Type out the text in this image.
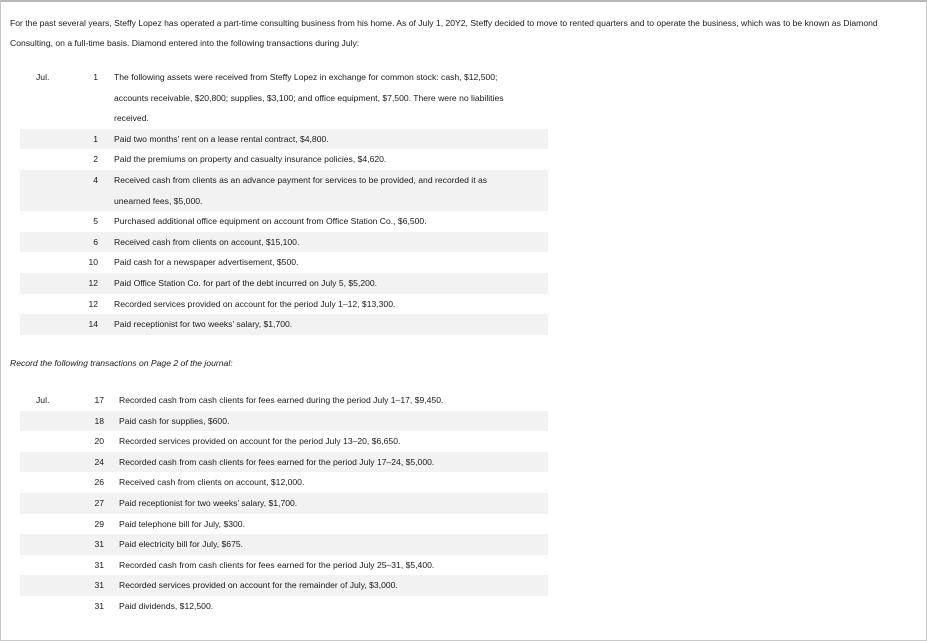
For the past several years, Steffy Lopez has operated a part-time consulting business from his home. As of July 1, 20Y2, Steffy decided to move to rented quarters and to operate the business, which was to be known as Diamond Consulting, on a full-time basis. Diamond entered into the following transactions during July:
Jul.	1	The following assets were received from Steffy Lopez in exchange for common stock: cash, $12,500;
		accounts receivable, $20,800; supplies, $3,100; and office equipment, $7,500. There were no liabilities
		received.
	1	Paid two months’ rent on a lease rental contract, $4,800.
	2	Paid the premiums on property and casualty insurance policies, $4,620.
	4	Received cash from clients as an advance payment for services to be provided, and recorded it as
		unearned fees, $5,000.
	5	Purchased additional office equipment on account from Office Station Co., $6,500.
	6	Received cash from clients on account, $15,100.
	10	Paid cash for a newspaper advertisement, $500.
	12	Paid Office Station Co. for part of the debt incurred on July 5, $5,200.
	12	Recorded services provided on account for the period July 1–12, $13,300.
	14	Paid receptionist for two weeks’ salary, $1,700.
Record the following transactions on Page 2 of the journal:
Jul.	17	Recorded cash from cash clients for fees earned during the period July 1–17, $9,450.
	18	Paid cash for supplies, $600.
	20	Recorded services provided on account for the period July 13–20, $6,650.
	24	Recorded cash from cash clients for fees earned for the period July 17–24, $5,000.
	26	Received cash from clients on account, $12,000.
	27	Paid receptionist for two weeks’ salary, $1,700.
	29	Paid telephone bill for July, $300.
	31	Paid electricity bill for July, $675.
	31	Recorded cash from cash clients for fees earned for the period July 25–31, $5,400.
	31	Recorded services provided on account for the remainder of July, $3,000.
	31	Paid dividends, $12,500.
